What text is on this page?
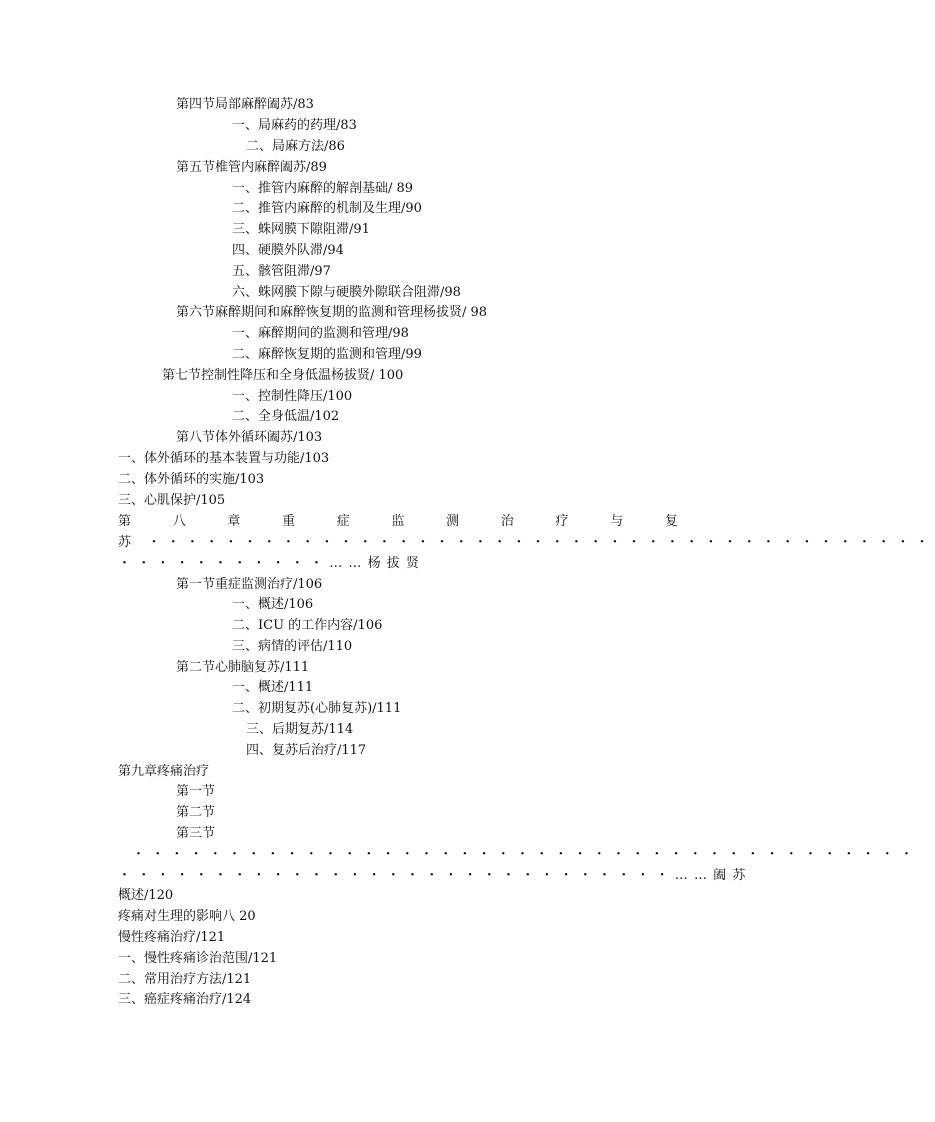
第四节局部麻醉阖苏/83
一、局麻药的药理/83
二、局麻方法/86
第五节椎管内麻醉阖苏/89
一、推管内麻醉的解剖基础/ 89
二、推管内麻醉的机制及生理/90
三、蛛网膜下隙阻滞/91
四、硬膜外队滞/94
五、骸管阻滞/97
六、蛛网膜下隙与硬膜外隙联合阻滞/98
第六节麻醉期间和麻醉恢复期的监测和管理杨拔贤/ 98
一、麻醉期间的监测和管理/98
二、麻醉恢复期的监测和管理/99
第七节控制性降压和全身低温杨拔贤/ 100
一、控制性降压/100
二、全身低温/102
第八节体外循环阖苏/103
一、体外循环的基本装置与功能/103
二、体外循环的实施/103
三、心肌保护/105
第	八	章	重	症	监	测	治	疗	与	复
苏 ・・・・・・・・・・・・・・・・・・・・・・・・・・・・・・・・・・・・・・・・・
・・・・・・・・・・・……杨拔贤
第一节重症监测治疗/106
一、概述/106
二、ICU 的工作内容/106
三、病情的评估/110
第二节心肺脑复苏/111
一、概述/111
二、初期复苏(心肺复苏)/111
三、后期复苏/114
四、复苏后治疗/117
第九章疼痛治疗
第一节
第二节
第三节
・・・・・・・・・・・・・・・・・・・・・・・・・・・・・・・・・・・・・・・・・
・・・・・・・・・・・・・・・・・・・・・・・・・・・・・……阖苏
概述/120
疼痛对生理的影响八 20
慢性疼痛治疗/121
一、慢性疼痛诊治范围/121
二、常用治疗方法/121
三、癌症疼痛治疗/124
